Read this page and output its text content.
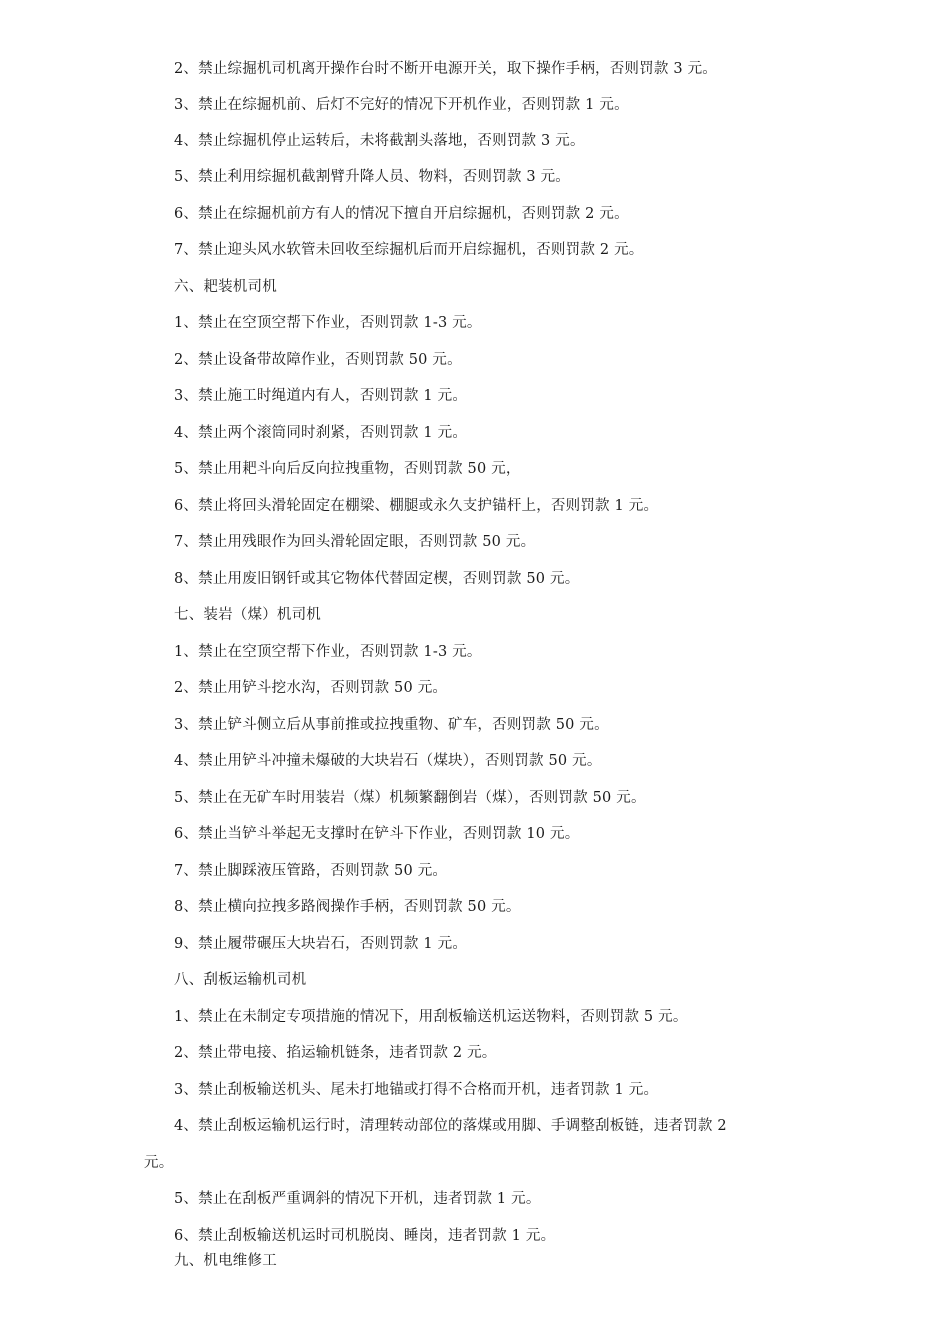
2、禁止综掘机司机离开操作台时不断开电源开关，取下操作手柄，否则罚款 3 元。
3、禁止在综掘机前、后灯不完好的情况下开机作业，否则罚款 1 元。
4、禁止综掘机停止运转后，未将截割头落地，否则罚款 3 元。
5、禁止利用综掘机截割臂升降人员、物料，否则罚款 3 元。
6、禁止在综掘机前方有人的情况下擅自开启综掘机，否则罚款 2 元。
7、禁止迎头风水软管未回收至综掘机后而开启综掘机，否则罚款 2 元。
六、耙装机司机
1、禁止在空顶空帮下作业，否则罚款 1-3 元。
2、禁止设备带故障作业，否则罚款 50 元。
3、禁止施工时绳道内有人，否则罚款 1 元。
4、禁止两个滚筒同时刹紧，否则罚款 1 元。
5、禁止用耙斗向后反向拉拽重物，否则罚款 50 元，
6、禁止将回头滑轮固定在棚梁、棚腿或永久支护锚杆上，否则罚款 1 元。
7、禁止用残眼作为回头滑轮固定眼，否则罚款 50 元。
8、禁止用废旧钢钎或其它物体代替固定楔，否则罚款 50 元。
七、装岩（煤）机司机
1、禁止在空顶空帮下作业，否则罚款 1-3 元。
2、禁止用铲斗挖水沟，否则罚款 50 元。
3、禁止铲斗侧立后从事前推或拉拽重物、矿车，否则罚款 50 元。
4、禁止用铲斗冲撞未爆破的大块岩石（煤块），否则罚款 50 元。
5、禁止在无矿车时用装岩（煤）机频繁翻倒岩（煤），否则罚款 50 元。
6、禁止当铲斗举起无支撑时在铲斗下作业，否则罚款 10 元。
7、禁止脚踩液压管路，否则罚款 50 元。
8、禁止横向拉拽多路阀操作手柄，否则罚款 50 元。
9、禁止履带碾压大块岩石，否则罚款 1 元。
八、刮板运输机司机
1、禁止在未制定专项措施的情况下，用刮板输送机运送物料，否则罚款 5 元。
2、禁止带电接、掐运输机链条，违者罚款 2 元。
3、禁止刮板输送机头、尾未打地锚或打得不合格而开机，违者罚款 1 元。
4、禁止刮板运输机运行时，清理转动部位的落煤或用脚、手调整刮板链，违者罚款 2
元。
5、禁止在刮板严重调斜的情况下开机，违者罚款 1 元。
6、禁止刮板输送机运时司机脱岗、睡岗，违者罚款 1 元。
九、机电维修工
